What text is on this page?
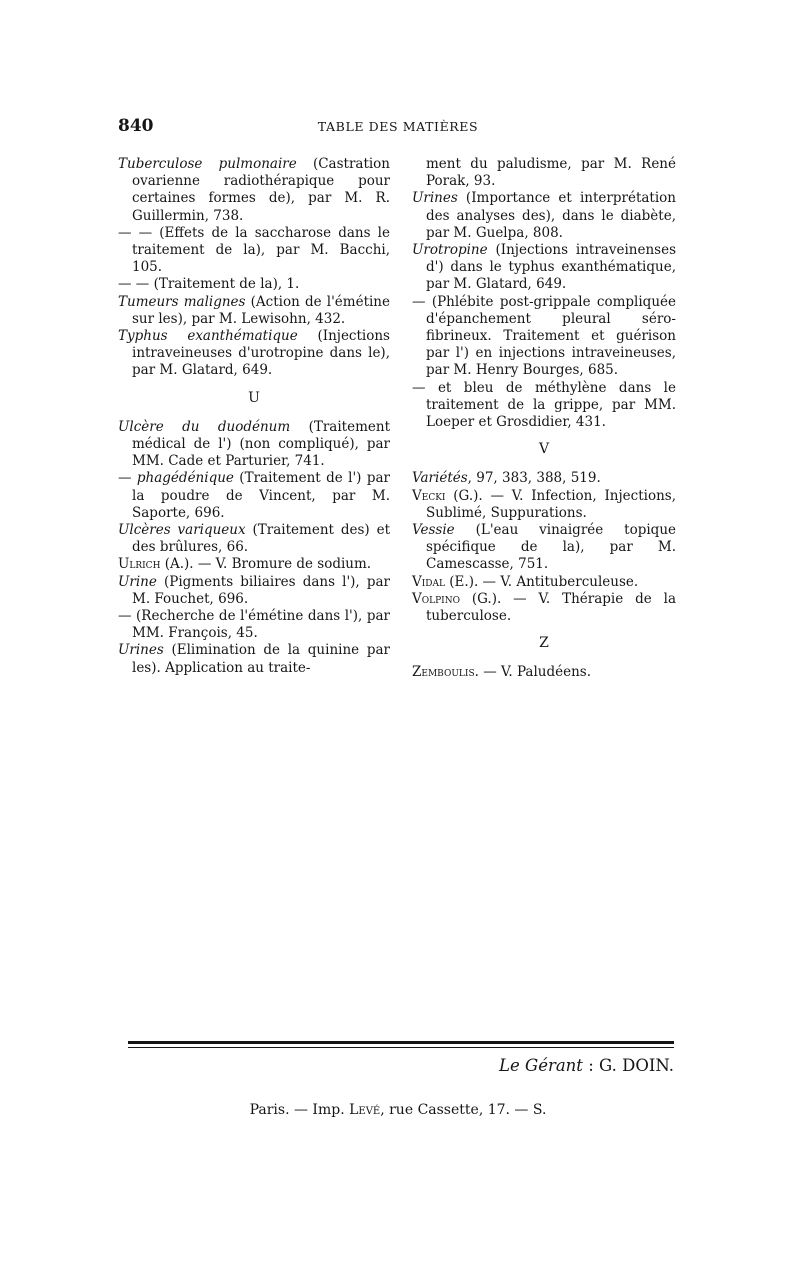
840	TABLE DES MATIÈRES

Tuberculose pulmonaire (Castration ovarienne radiothérapique pour certaines formes de), par M. R. Guillermin, 738.

— — (Effets de la saccharose dans le traitement de la), par M. Bacchi, 105.

— — (Traitement de la), 1.

Tumeurs malignes (Action de l'émétine sur les), par M. Lewisohn, 432.

Typhus exanthématique (Injections intraveineuses d'urotropine dans le), par M. Glatard, 649.

U

Ulcère du duodénum (Traitement médical de l') (non compliqué), par MM. Cade et Parturier, 741.

— phagédénique (Traitement de l') par la poudre de Vincent, par M. Saporte, 696.

Ulcères variqueux (Traitement des) et des brûlures, 66.

Ulrich (A.). — V. Bromure de sodium.

Urine (Pigments biliaires dans l'), par M. Fouchet, 696.

— (Recherche de l'émétine dans l'), par MM. François, 45.

Urines (Elimination de la quinine par les). Application au traite-

ment du paludisme, par M. René Porak, 93.

Urines (Importance et interprétation des analyses des), dans le diabète, par M. Guelpa, 808.

Urotropine (Injections intraveinenses d') dans le typhus exanthématique, par M. Glatard, 649.

— (Phlébite post-grippale compliquée d'épanchement pleural séro-fibrineux. Traitement et guérison par l') en injections intraveineuses, par M. Henry Bourges, 685.

— et bleu de méthylène dans le traitement de la grippe, par MM. Loeper et Grosdidier, 431.

V

Variétés, 97, 383, 388, 519.

Vecki (G.). — V. Infection, Injections, Sublimé, Suppurations.

Vessie (L'eau vinaigrée topique spécifique de la), par M. Camescasse, 751.

Vidal (E.). — V. Antituberculeuse.

Volpino (G.). — V. Thérapie de la tuberculose.

Z

Zemboulis. — V. Paludéens.

Le Gérant : G. DOIN.
Paris. — Imp. Levé, rue Cassette, 17. — S.
